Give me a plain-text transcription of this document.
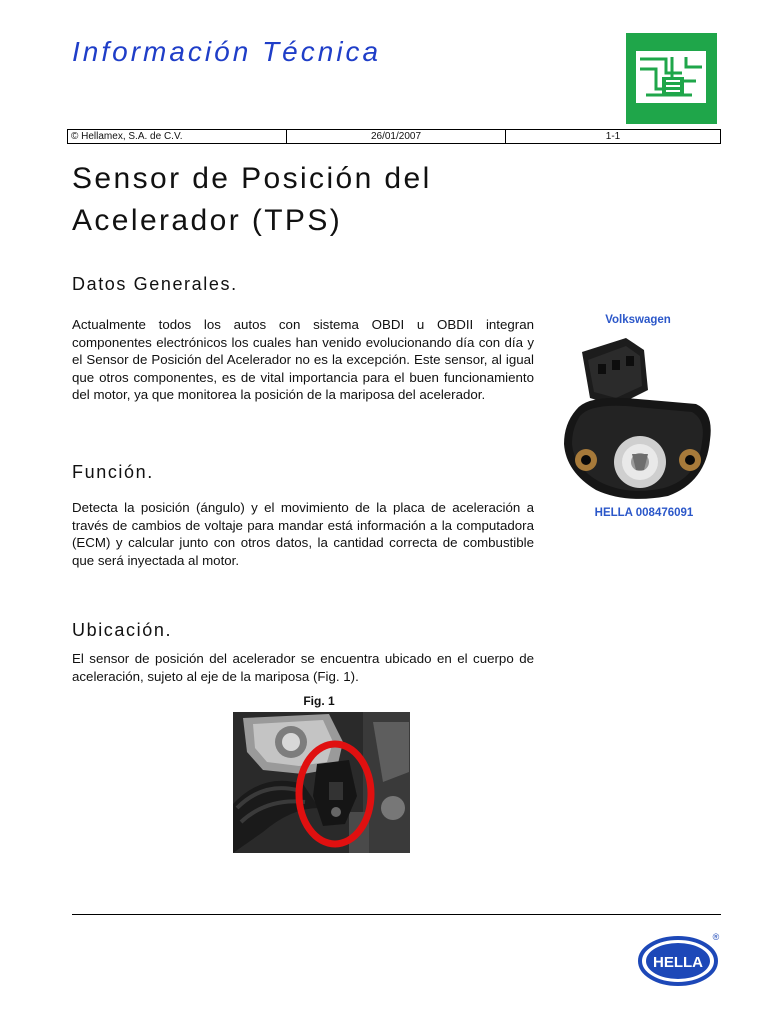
Información Técnica
© Hellamex, S.A. de C.V.	26/01/2007	1-1
Sensor de Posición del Acelerador (TPS)
Datos Generales.
Actualmente todos los autos con sistema OBDI u OBDII integran componentes electrónicos los cuales han venido evolucionando día con día y el Sensor de Posición del Acelerador no es la excepción. Este sensor, al igual que otros componentes, es de vital importancia para el buen funcionamiento del motor, ya que monitorea la posición de la mariposa del acelerador.
Función.
Detecta la posición (ángulo) y el movimiento de la placa de aceleración a través de cambios de voltaje para mandar está información a la computadora (ECM) y calcular junto con otros datos, la cantidad correcta de combustible que será inyectada al motor.
Ubicación.
El sensor de posición del acelerador se encuentra ubicado en el cuerpo de aceleración, sujeto al eje de la mariposa (Fig. 1).
Volkswagen
HELLA 008476091
Fig. 1
HELLA
®
